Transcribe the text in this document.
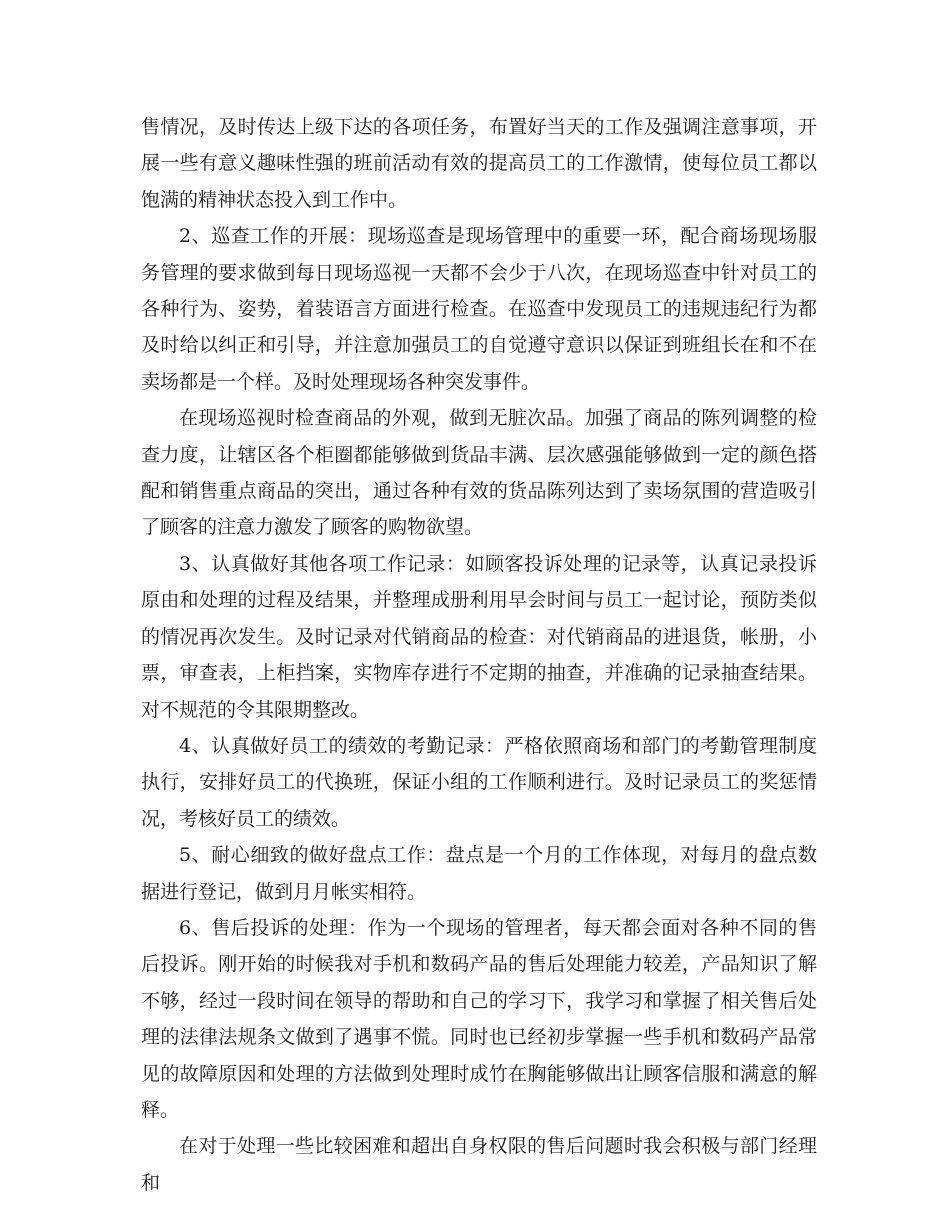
售情况，及时传达上级下达的各项任务，布置好当天的工作及强调注意事项，开展一些有意义趣味性强的班前活动有效的提高员工的工作激情，使每位员工都以饱满的精神状态投入到工作中。

2、巡查工作的开展：现场巡查是现场管理中的重要一环，配合商场现场服务管理的要求做到每日现场巡视一天都不会少于八次，在现场巡查中针对员工的各种行为、姿势，着装语言方面进行检查。在巡查中发现员工的违规违纪行为都及时给以纠正和引导，并注意加强员工的自觉遵守意识以保证到班组长在和不在卖场都是一个样。及时处理现场各种突发事件。

在现场巡视时检查商品的外观，做到无脏次品。加强了商品的陈列调整的检查力度，让辖区各个柜圈都能够做到货品丰满、层次感强能够做到一定的颜色搭配和销售重点商品的突出，通过各种有效的货品陈列达到了卖场氛围的营造吸引了顾客的注意力激发了顾客的购物欲望。

3、认真做好其他各项工作记录：如顾客投诉处理的记录等，认真记录投诉原由和处理的过程及结果，并整理成册利用早会时间与员工一起讨论，预防类似的情况再次发生。及时记录对代销商品的检查：对代销商品的进退货，帐册，小票，审查表，上柜挡案，实物库存进行不定期的抽查，并准确的记录抽查结果。对不规范的令其限期整改。

4、认真做好员工的绩效的考勤记录：严格依照商场和部门的考勤管理制度执行，安排好员工的代换班，保证小组的工作顺利进行。及时记录员工的奖惩情况，考核好员工的绩效。

5、耐心细致的做好盘点工作：盘点是一个月的工作体现，对每月的盘点数据进行登记，做到月月帐实相符。

6、售后投诉的处理：作为一个现场的管理者，每天都会面对各种不同的售后投诉。刚开始的时候我对手机和数码产品的售后处理能力较差，产品知识了解不够，经过一段时间在领导的帮助和自己的学习下，我学习和掌握了相关售后处理的法律法规条文做到了遇事不慌。同时也已经初步掌握一些手机和数码产品常见的故障原因和处理的方法做到处理时成竹在胸能够做出让顾客信服和满意的解释。

在对于处理一些比较困难和超出自身权限的售后问题时我会积极与部门经理和
